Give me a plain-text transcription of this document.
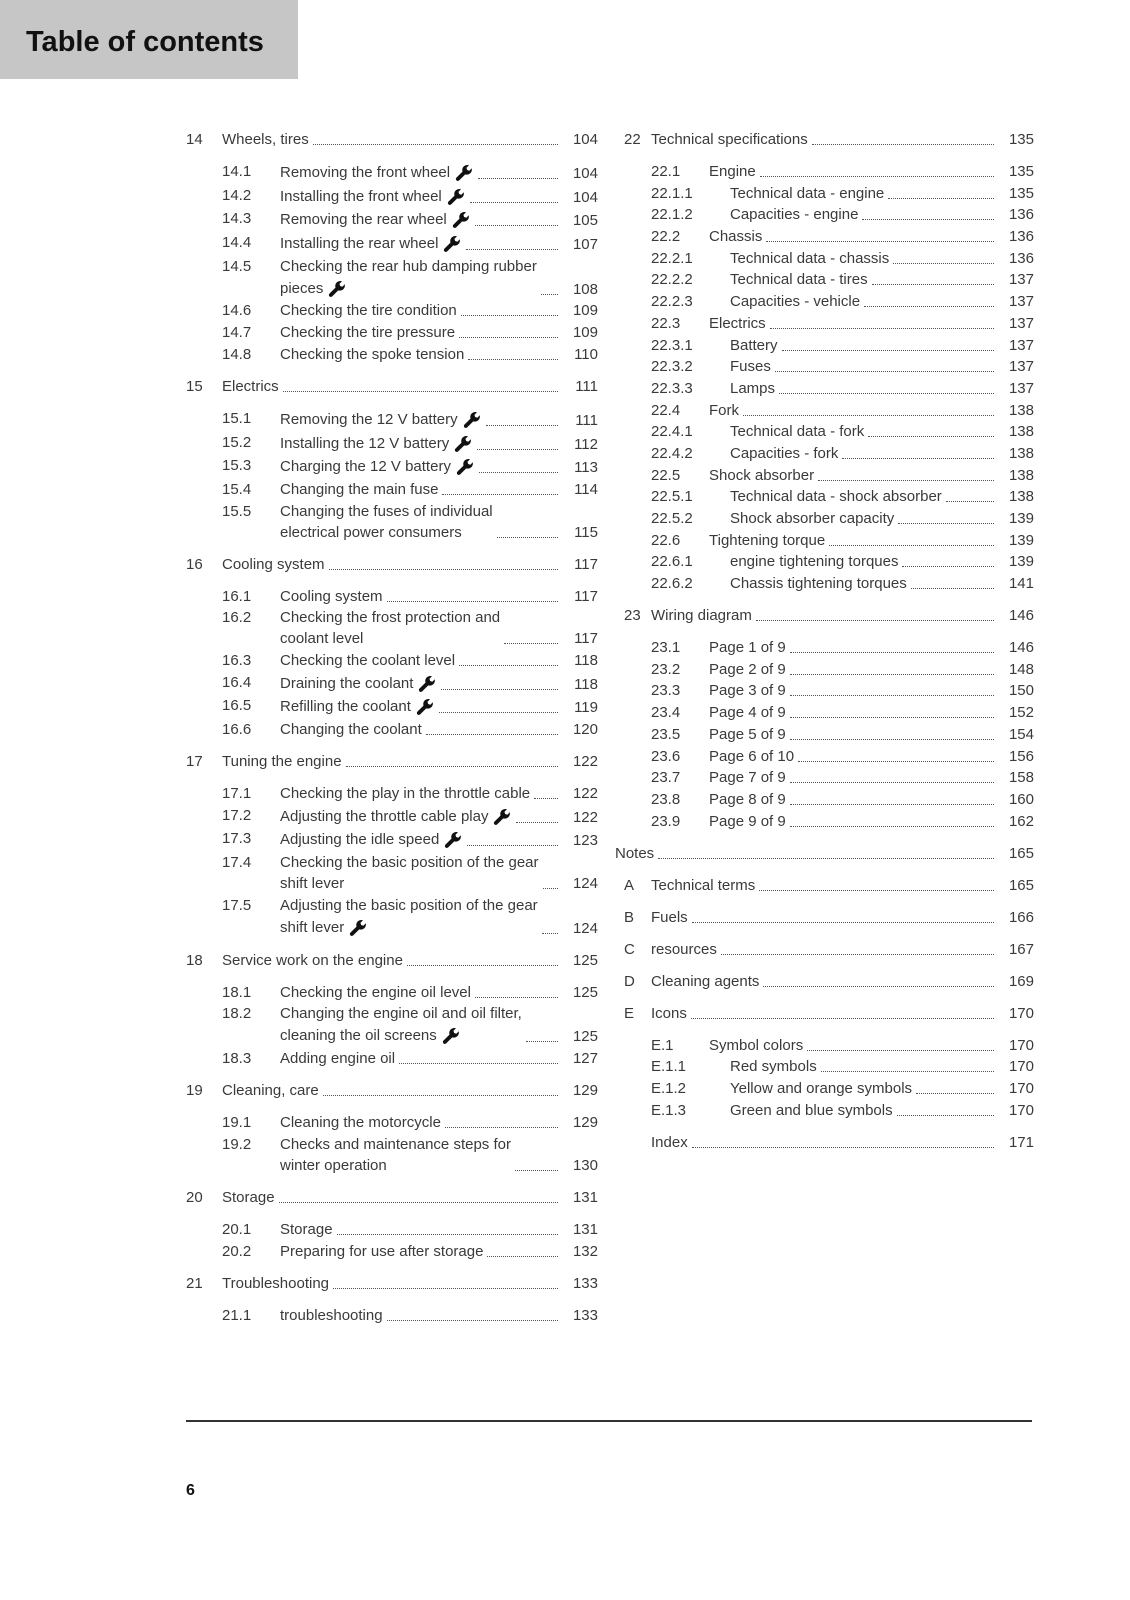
Table of contents
14 Wheels, tires	104
14.1 Removing the front wheel	104
14.2 Installing the front wheel	104
14.3 Removing the rear wheel	105
14.4 Installing the rear wheel	107
14.5 Checking the rear hub damping rubber
pieces	108
14.6 Checking the tire condition	109
14.7 Checking the tire pressure	109
14.8 Checking the spoke tension	110
15 Electrics	111
15.1 Removing the 12 V battery	111
15.2 Installing the 12 V battery	112
15.3 Charging the 12 V battery	113
15.4 Changing the main fuse	114
15.5 Changing the fuses of individual
electrical power consumers	115
16 Cooling system	117
16.1 Cooling system	117
16.2 Checking the frost protection and
coolant level	117
16.3 Checking the coolant level	118
16.4 Draining the coolant	118
16.5 Refilling the coolant	119
16.6 Changing the coolant	120
17 Tuning the engine	122
17.1 Checking the play in the throttle cable	122
17.2 Adjusting the throttle cable play	122
17.3 Adjusting the idle speed	123
17.4 Checking the basic position of the gear
shift lever	124
17.5 Adjusting the basic position of the gear
shift lever	124
18 Service work on the engine	125
18.1 Checking the engine oil level	125
18.2 Changing the engine oil and oil filter,
cleaning the oil screens	125
18.3 Adding engine oil	127
19 Cleaning, care	129
19.1 Cleaning the motorcycle	129
19.2 Checks and maintenance steps for
winter operation	130
20 Storage	131
20.1 Storage	131
20.2 Preparing for use after storage	132
21 Troubleshooting	133
21.1 troubleshooting	133
22 Technical specifications	135
22.1 Engine	135
22.1.1 Technical data - engine	135
22.1.2 Capacities - engine	136
22.2 Chassis	136
22.2.1 Technical data - chassis	136
22.2.2 Technical data - tires	137
22.2.3 Capacities - vehicle	137
22.3 Electrics	137
22.3.1 Battery	137
22.3.2 Fuses	137
22.3.3 Lamps	137
22.4 Fork	138
22.4.1 Technical data - fork	138
22.4.2 Capacities - fork	138
22.5 Shock absorber	138
22.5.1 Technical data - shock absorber	138
22.5.2 Shock absorber capacity	139
22.6 Tightening torque	139
22.6.1 engine tightening torques	139
22.6.2 Chassis tightening torques	141
23 Wiring diagram	146
23.1 Page 1 of 9	146
23.2 Page 2 of 9	148
23.3 Page 3 of 9	150
23.4 Page 4 of 9	152
23.5 Page 5 of 9	154
23.6 Page 6 of 10	156
23.7 Page 7 of 9	158
23.8 Page 8 of 9	160
23.9 Page 9 of 9	162
Notes	165
A Technical terms	165
B Fuels	166
C resources	167
D Cleaning agents	169
E Icons	170
E.1 Symbol colors	170
E.1.1	Red symbols	170
E.1.2	Yellow and orange symbols	170
E.1.3	Green and blue symbols	170
Index	171
6
